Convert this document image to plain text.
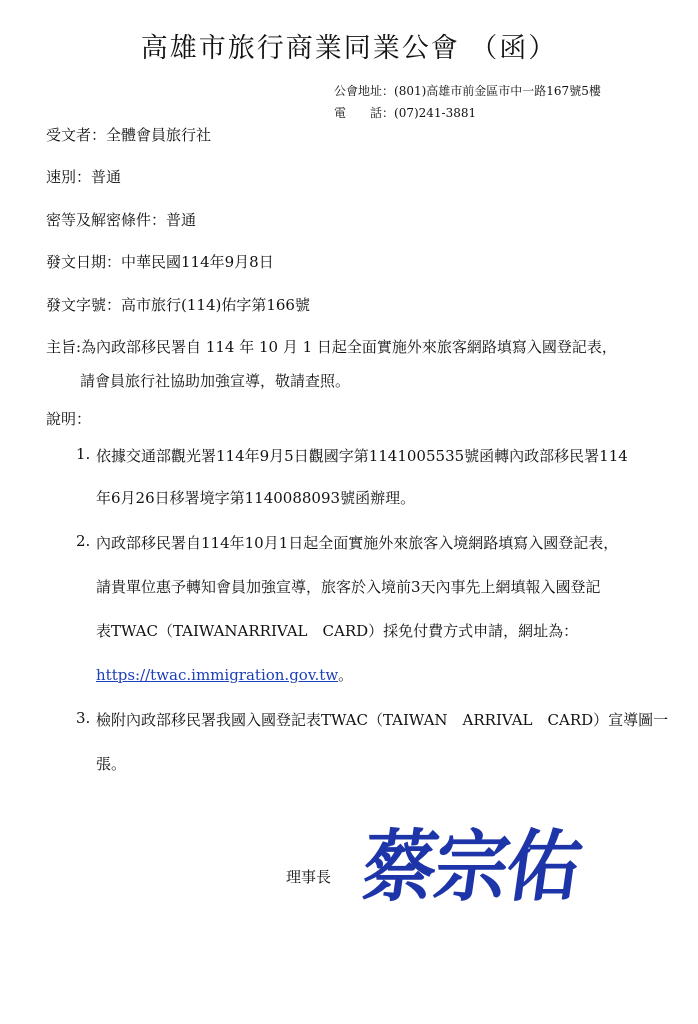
高雄市旅行商業同業公會 （函）
公會地址：(801)高雄市前金區市中一路167號5樓
電　　話：(07)241-3881
受文者：全體會員旅行社
速別：普通
密等及解密條件：普通
發文日期：中華民國114年9月8日
發文字號：高市旅行(114)佑字第166號
主旨:為內政部移民署自 114 年 10 月 1 日起全面實施外來旅客網路填寫入國登記表，
請會員旅行社協助加強宣導，敬請查照。
說明：
1. 依據交通部觀光署114年9月5日觀國字第1141005535號函轉內政部移民署114
年6月26日移署境字第1140088093號函辦理。
2. 內政部移民署自114年10月1日起全面實施外來旅客入境網路填寫入國登記表，
請貴單位惠予轉知會員加強宣導，旅客於入境前3天內事先上網填報入國登記
表TWAC（TAIWANARRIVAL　CARD）採免付費方式申請，網址為：
https://twac.immigration.gov.tw。
3. 檢附內政部移民署我國入國登記表TWAC（TAIWAN　ARRIVAL　CARD）宣導圖一
張。
理事長 蔡宗佑
